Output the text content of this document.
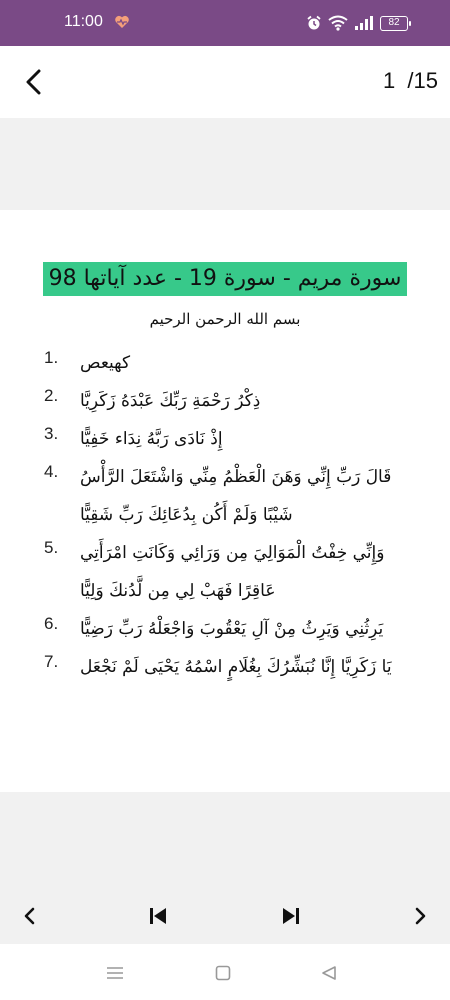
11:00	82
1  /15
سورة مريم - سورة 19 - عدد آياتها 98
بسم الله الرحمن الرحيم
1.	كهيعص
2.	ذِكْرُ رَحْمَةِ رَبِّكَ عَبْدَهُ زَكَرِيَّا
3.	إِذْ نَادَى رَبَّهُ نِدَاء خَفِيًّا
4.	قَالَ رَبِّ إِنِّي وَهَنَ الْعَظْمُ مِنِّي وَاشْتَعَلَ الرَّأْسُ شَيْبًا وَلَمْ أَكُن بِدُعَائِكَ رَبِّ شَقِيًّا
5.	وَإِنِّي خِفْتُ الْمَوَالِيَ مِن وَرَائِي وَكَانَتِ امْرَأَتِي عَاقِرًا فَهَبْ لِي مِن لَّدُنكَ وَلِيًّا
6.	يَرِثُنِي وَيَرِثُ مِنْ آلِ يَعْقُوبَ وَاجْعَلْهُ رَبِّ رَضِيًّا
7.	يَا زَكَرِيَّا إِنَّا نُبَشِّرُكَ بِغُلَامٍ اسْمُهُ يَحْيَى لَمْ نَجْعَل
